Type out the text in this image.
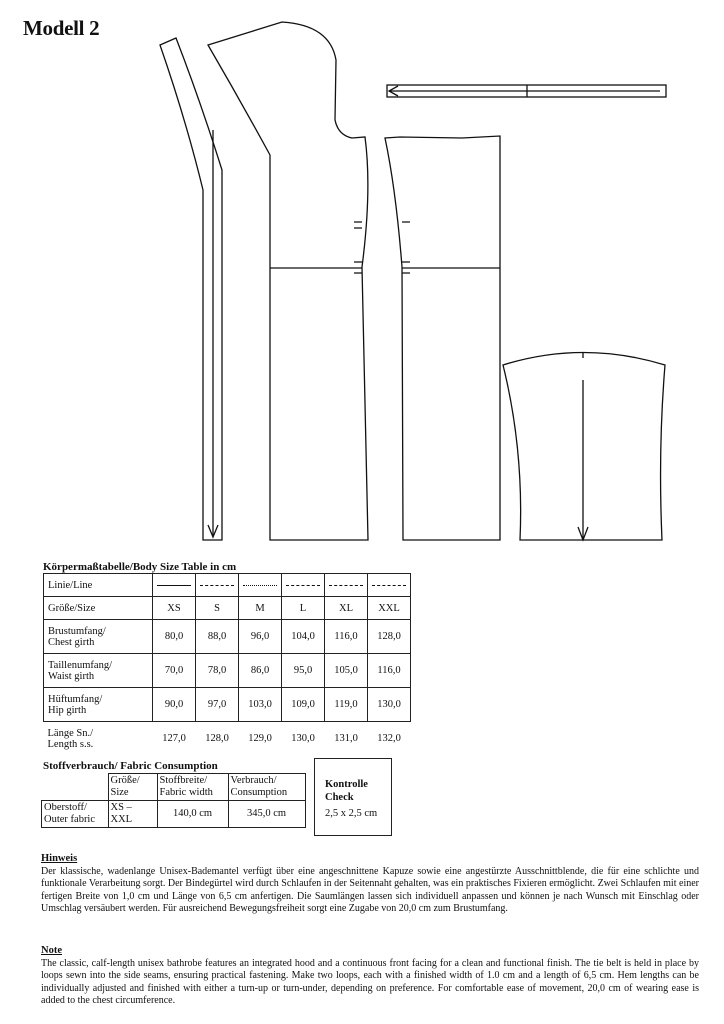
Modell 2
Körpermaßtabelle/Body Size Table in cm
Linie/Line						
Größe/Size	XS	S	M	L	XL	XXL
Brustumfang/
Chest girth	80,0	88,0	96,0	104,0	116,0	128,0
Taillenumfang/
Waist girth	70,0	78,0	86,0	95,0	105,0	116,0
Hüftumfang/
Hip girth	90,0	97,0	103,0	109,0	119,0	130,0
Länge Sn./
Length s.s.	127,0	128,0	129,0	130,0	131,0	132,0
Stoffverbrauch/ Fabric Consumption
	Größe/
Size	Stoffbreite/
Fabric width	Verbrauch/
Consumption
Oberstoff/
Outer fabric	XS – XXL	140,0 cm	345,0 cm
Kontrolle
Check
2,5 x 2,5 cm
Hinweis
Der klassische, wadenlange Unisex-Bademantel verfügt über eine angeschnittene Kapuze sowie eine angestürzte Ausschnittblende, die für eine schlichte und funktionale Verarbeitung sorgt. Der Bindegürtel wird durch Schlaufen in der Seitennaht gehalten, was ein praktisches Fixieren ermöglicht. Zwei Schlaufen mit einer fertigen Breite von 1,0 cm und Länge von 6,5 cm anfertigen. Die Saumlängen lassen sich individuell anpassen und können je nach Wunsch mit Einschlag oder Umschlag versäubert werden. Für ausreichend Bewegungsfreiheit sorgt eine Zugabe von 20,0 cm zum Brustumfang.
Note
The classic, calf-length unisex bathrobe features an integrated hood and a continuous front facing for a clean and functional finish. The tie belt is held in place by loops sewn into the side seams, ensuring practical fastening. Make two loops, each with a finished width of 1.0 cm and a length of 6,5 cm. Hem lengths can be individually adjusted and finished with either a turn-up or turn-under, depending on preference. For comfortable ease of movement, 20,0 cm of wearing ease is added to the chest circumference.
